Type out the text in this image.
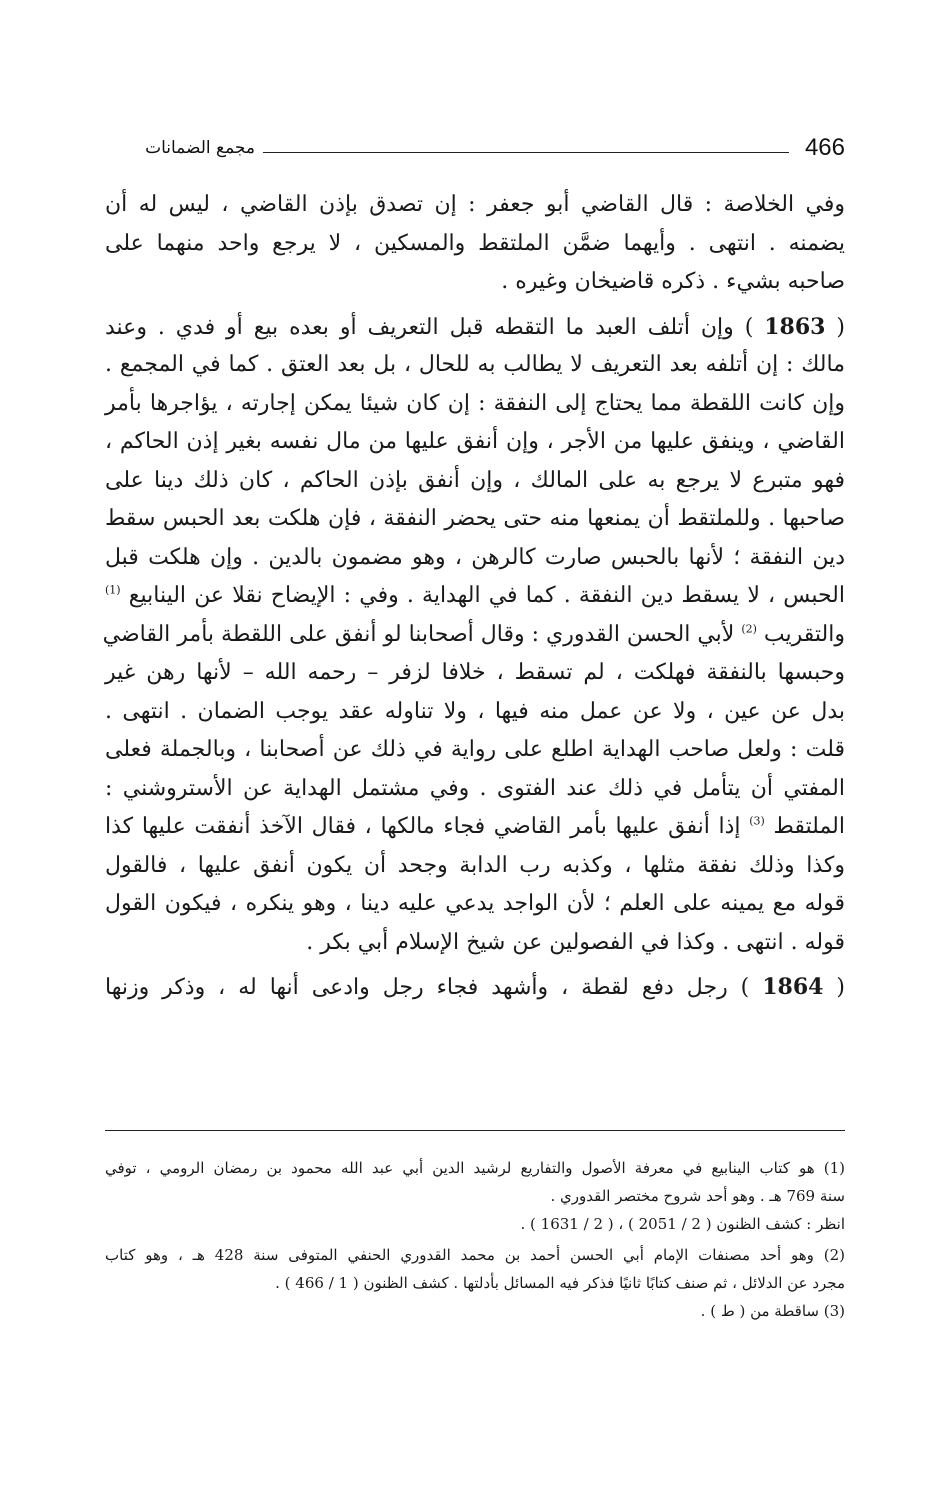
466
مجمع الضمانات
وفي الخلاصة : قال القاضي أبو جعفر : إن تصدق بإذن القاضي ، ليس له أن
يضمنه . انتهى . وأيهما ضمَّن الملتقط والمسكين ، لا يرجع واحد منهما على
صاحبه بشيء . ذكره قاضيخان وغيره .
( 1863 ) وإن أتلف العبد ما التقطه قبل التعريف أو بعده بيع أو فدي . وعند
مالك : إن أتلفه بعد التعريف لا يطالب به للحال ، بل بعد العتق . كما في المجمع .
وإن كانت اللقطة مما يحتاج إلى النفقة : إن كان شيئا يمكن إجارته ، يؤاجرها بأمر
القاضي ، وينفق عليها من الأجر ، وإن أنفق عليها من مال نفسه بغير إذن الحاكم ،
فهو متبرع لا يرجع به على المالك ، وإن أنفق بإذن الحاكم ، كان ذلك دينا على
صاحبها . وللملتقط أن يمنعها منه حتى يحضر النفقة ، فإن هلكت بعد الحبس سقط
دين النفقة ؛ لأنها بالحبس صارت كالرهن ، وهو مضمون بالدين . وإن هلكت قبل
الحبس ، لا يسقط دين النفقة . كما في الهداية . وفي : الإيضاح نقلا عن الينابيع $^{(1)}$
والتقريب $^{(2)}$ لأبي الحسن القدوري : وقال أصحابنا لو أنفق على اللقطة بأمر القاضي
وحبسها بالنفقة فهلكت ، لم تسقط ، خلافا لزفر – رحمه الله – لأنها رهن غير
بدل عن عين ، ولا عن عمل منه فيها ، ولا تناوله عقد يوجب الضمان . انتهى .
قلت : ولعل صاحب الهداية اطلع على رواية في ذلك عن أصحابنا ، وبالجملة فعلى
المفتي أن يتأمل في ذلك عند الفتوى . وفي مشتمل الهداية عن الأستروشني :
الملتقط $^{(3)}$ إذا أنفق عليها بأمر القاضي فجاء مالكها ، فقال الآخذ أنفقت عليها كذا
وكذا وذلك نفقة مثلها ، وكذبه رب الدابة وجحد أن يكون أنفق عليها ، فالقول
قوله مع يمينه على العلم ؛ لأن الواجد يدعي عليه دينا ، وهو ينكره ، فيكون القول
قوله . انتهى . وكذا في الفصولين عن شيخ الإسلام أبي بكر .
( 1864 ) رجل دفع لقطة ، وأشهد فجاء رجل وادعى أنها له ، وذكر وزنها
(1) هو كتاب الينابيع في معرفة الأصول والتفاريع لرشيد الدين أبي عبد الله محمود بن رمضان الرومي ، توفي
سنة 769 هـ . وهو أحد شروح مختصر القدوري .
انظر : كشف الظنون ( 2 / 2051 ) ، ( 2 / 1631 ) .
(2) وهو أحد مصنفات الإمام أبي الحسن أحمد بن محمد القدوري الحنفي المتوفى سنة 428 هـ ، وهو كتاب
مجرد عن الدلائل ، ثم صنف كتابًا ثانيًا فذكر فيه المسائل بأدلتها . كشف الظنون ( 1 / 466 ) .
(3) ساقطة من ( ط ) .
